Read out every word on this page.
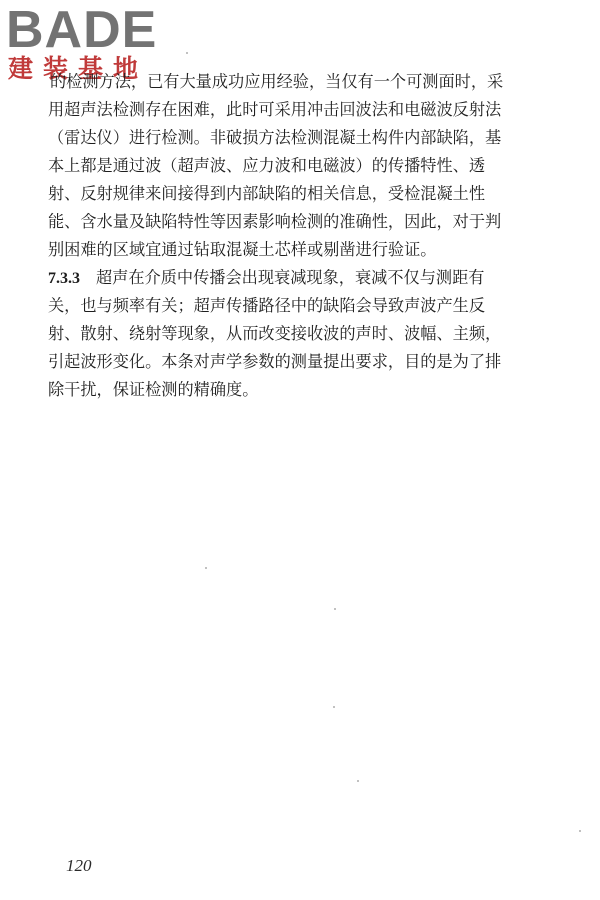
BADE
建装基地
的检测方法，已有大量成功应用经验，当仅有一个可测面时，采
用超声法检测存在困难，此时可采用冲击回波法和电磁波反射法
（雷达仪）进行检测。非破损方法检测混凝土构件内部缺陷，基
本上都是通过波（超声波、应力波和电磁波）的传播特性、透
射、反射规律来间接得到内部缺陷的相关信息，受检混凝土性
能、含水量及缺陷特性等因素影响检测的准确性，因此，对于判
别困难的区域宜通过钻取混凝土芯样或剔凿进行验证。
7.3.3 超声在介质中传播会出现衰减现象，衰减不仅与测距有
关，也与频率有关；超声传播路径中的缺陷会导致声波产生反
射、散射、绕射等现象，从而改变接收波的声时、波幅、主频，
引起波形变化。本条对声学参数的测量提出要求，目的是为了排
除干扰，保证检测的精确度。
120
